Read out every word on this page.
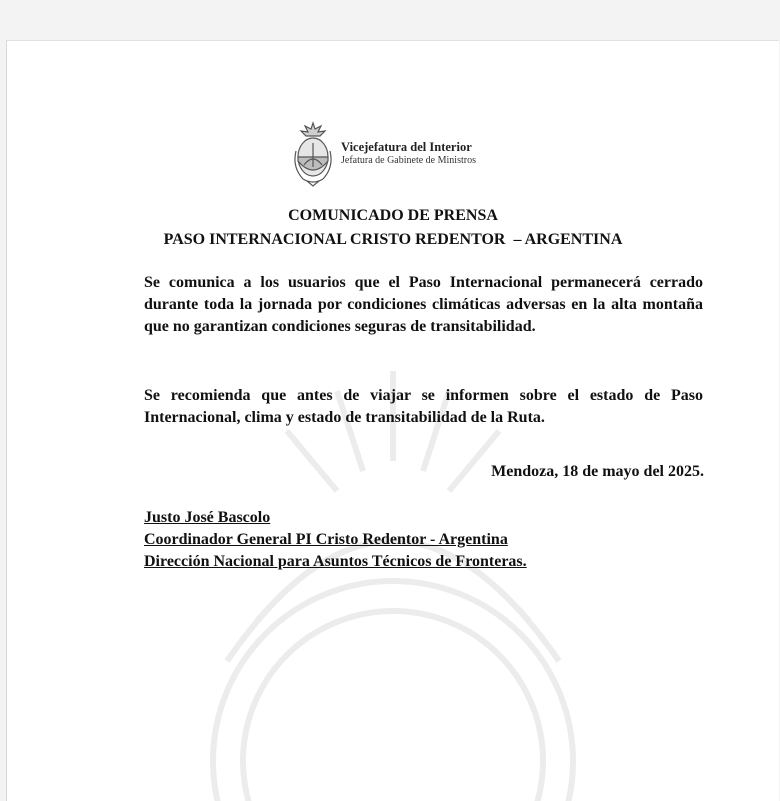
Vicejefatura del Interior
Jefatura de Gabinete de Ministros
COMUNICADO DE PRENSA
PASO INTERNACIONAL CRISTO REDENTOR  – ARGENTINA
Se comunica a los usuarios que el Paso Internacional permanecerá cerrado durante toda la jornada por condiciones climáticas adversas en la alta montaña que no garantizan condiciones seguras de transitabilidad.
Se recomienda que antes de viajar se informen sobre el estado de Paso Internacional, clima y estado de transitabilidad de la Ruta.
Mendoza, 18 de mayo del 2025.
Justo José Bascolo
Coordinador General PI Cristo Redentor - Argentina
Dirección Nacional para Asuntos Técnicos de Fronteras.
